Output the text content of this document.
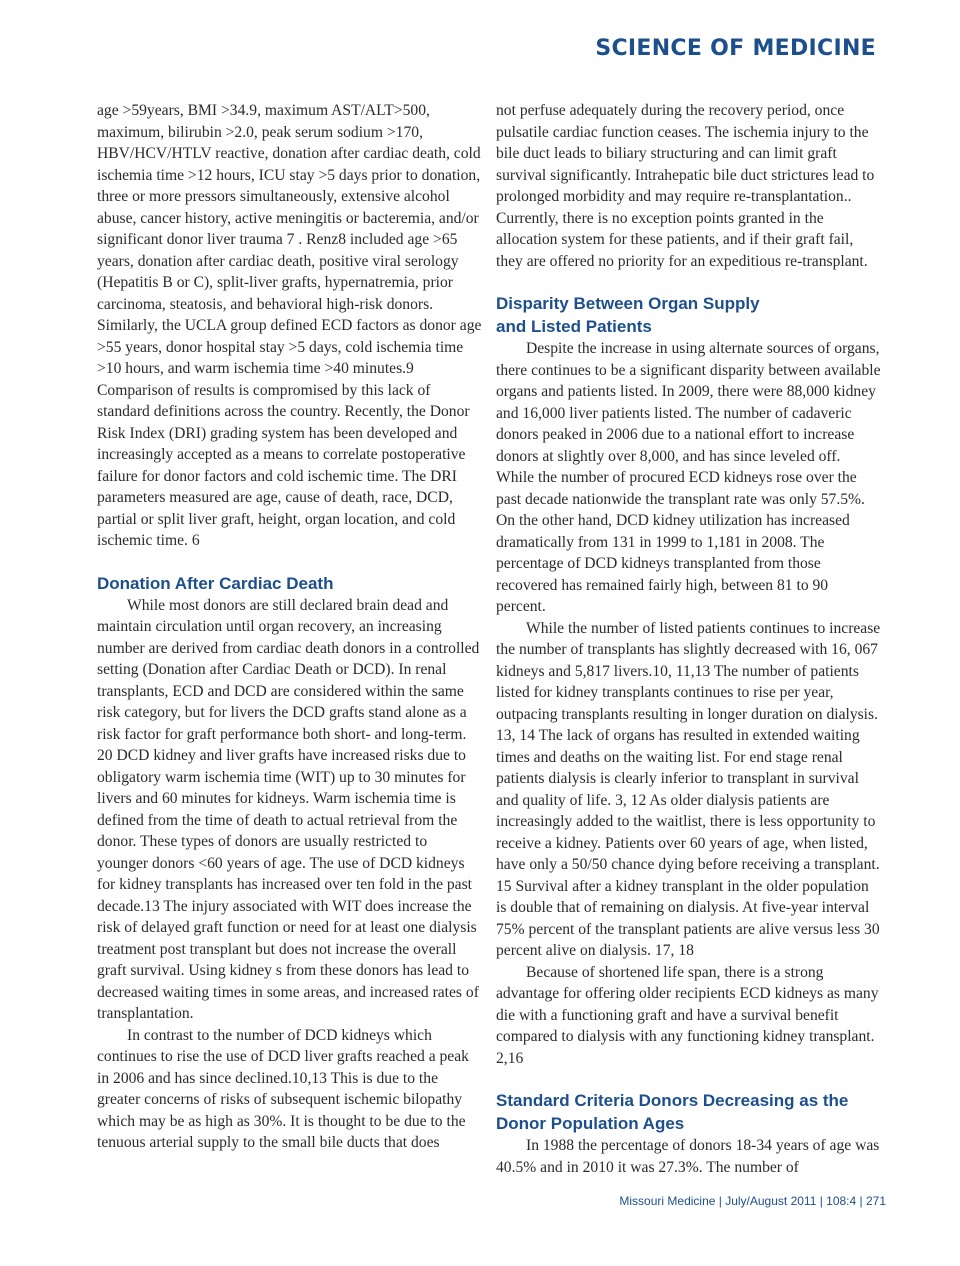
SCIENCE OF MEDICINE

age >59years, BMI >34.9, maximum AST/ALT>500, maximum, bilirubin >2.0, peak serum sodium >170, HBV/HCV/HTLV reactive, donation after cardiac death, cold ischemia time >12 hours, ICU stay >5 days prior to donation, three or more pressors simultaneously, extensive alcohol abuse, cancer history, active meningitis or bacteremia, and/or significant donor liver trauma 7 . Renz8 included age >65 years, donation after cardiac death, positive viral serology (Hepatitis B or C), split-liver grafts, hypernatremia, prior carcinoma, steatosis, and behavioral high-risk donors. Similarly, the UCLA group defined ECD factors as donor age >55 years, donor hospital stay >5 days, cold ischemia time >10 hours, and warm ischemia time >40 minutes.9 Comparison of results is compromised by this lack of standard definitions across the country. Recently, the Donor Risk Index (DRI) grading system has been developed and increasingly accepted as a means to correlate postoperative failure for donor factors and cold ischemic time. The DRI parameters measured are age, cause of death, race, DCD, partial or split liver graft, height, organ location, and cold ischemic time. 6

Donation After Cardiac Death

While most donors are still declared brain dead and maintain circulation until organ recovery, an increasing number are derived from cardiac death donors in a controlled setting (Donation after Cardiac Death or DCD). In renal transplants, ECD and DCD are considered within the same risk category, but for livers the DCD grafts stand alone as a risk factor for graft performance both short- and long-term. 20 DCD kidney and liver grafts have increased risks due to obligatory warm ischemia time (WIT) up to 30 minutes for livers and 60 minutes for kidneys. Warm ischemia time is defined from the time of death to actual retrieval from the donor. These types of donors are usually restricted to younger donors <60 years of age. The use of DCD kidneys for kidney transplants has increased over ten fold in the past decade.13 The injury associated with WIT does increase the risk of delayed graft function or need for at least one dialysis treatment post transplant but does not increase the overall graft survival. Using kidney s from these donors has lead to decreased waiting times in some areas, and increased rates of transplantation.

In contrast to the number of DCD kidneys which continues to rise the use of DCD liver grafts reached a peak in 2006 and has since declined.10,13 This is due to the greater concerns of risks of subsequent ischemic bilopathy which may be as high as 30%. It is thought to be due to the tenuous arterial supply to the small bile ducts that does

not perfuse adequately during the recovery period, once pulsatile cardiac function ceases. The ischemia injury to the bile duct leads to biliary structuring and can limit graft survival significantly. Intrahepatic bile duct strictures lead to prolonged morbidity and may require re-transplantation.. Currently, there is no exception points granted in the allocation system for these patients, and if their graft fail, they are offered no priority for an expeditious re-transplant.

Disparity Between Organ Supply
and Listed Patients

Despite the increase in using alternate sources of organs, there continues to be a significant disparity between available organs and patients listed. In 2009, there were 88,000 kidney and 16,000 liver patients listed. The number of cadaveric donors peaked in 2006 due to a national effort to increase donors at slightly over 8,000, and has since leveled off. While the number of procured ECD kidneys rose over the past decade nationwide the transplant rate was only 57.5%. On the other hand, DCD kidney utilization has increased dramatically from 131 in 1999 to 1,181 in 2008. The percentage of DCD kidneys transplanted from those recovered has remained fairly high, between 81 to 90 percent.

While the number of listed patients continues to increase the number of transplants has slightly decreased with 16, 067 kidneys and 5,817 livers.10, 11,13 The number of patients listed for kidney transplants continues to rise per year, outpacing transplants resulting in longer duration on dialysis. 13, 14 The lack of organs has resulted in extended waiting times and deaths on the waiting list. For end stage renal patients dialysis is clearly inferior to transplant in survival and quality of life. 3, 12 As older dialysis patients are increasingly added to the waitlist, there is less opportunity to receive a kidney. Patients over 60 years of age, when listed, have only a 50/50 chance dying before receiving a transplant. 15 Survival after a kidney transplant in the older population is double that of remaining on dialysis. At five-year interval 75% percent of the transplant patients are alive versus less 30 percent alive on dialysis. 17, 18

Because of shortened life span, there is a strong advantage for offering older recipients ECD kidneys as many die with a functioning graft and have a survival benefit compared to dialysis with any functioning kidney transplant. 2,16

Standard Criteria Donors Decreasing as the
Donor Population Ages

In 1988 the percentage of donors 18-34 years of age was 40.5% and in 2010 it was 27.3%. The number of

Missouri Medicine | July/August 2011 | 108:4 | 271
